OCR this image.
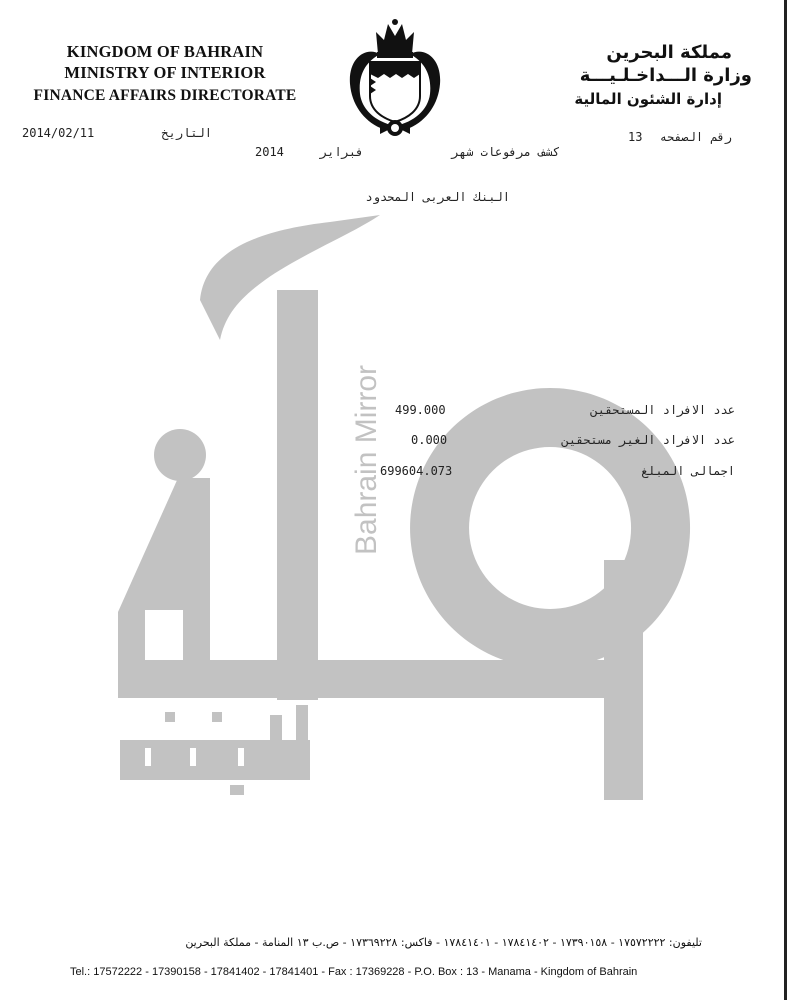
Bahrain Mirror
KINGDOM OF BAHRAIN
MINISTRY OF INTERIOR
FINANCE AFFAIRS DIRECTORATE
مملكة البحرين
وزارة الـــداخـلـيـــة
إدارة الشئون المالية
2014/02/11	التاريخ	13 رقم الصفحه
2014	فبراير	كشف مرفوعات شهر
البنك العربى المحدود
499.000	عدد الافراد المستحقين
0.000	عدد الافراد الغير مستحقين
699604.073	اجمالى المبلغ
تليفون: ١٧٥٧٢٢٢٢ - ١٧٣٩٠١٥٨ - ١٧٨٤١٤٠٢ - ١٧٨٤١٤٠١ - فاكس: ١٧٣٦٩٢٢٨ - ص.ب ١٣ المنامة - مملكة البحرين
Tel.: 17572222 - 17390158 - 17841402 - 17841401 - Fax : 17369228 - P.O. Box : 13 - Manama - Kingdom of Bahrain
